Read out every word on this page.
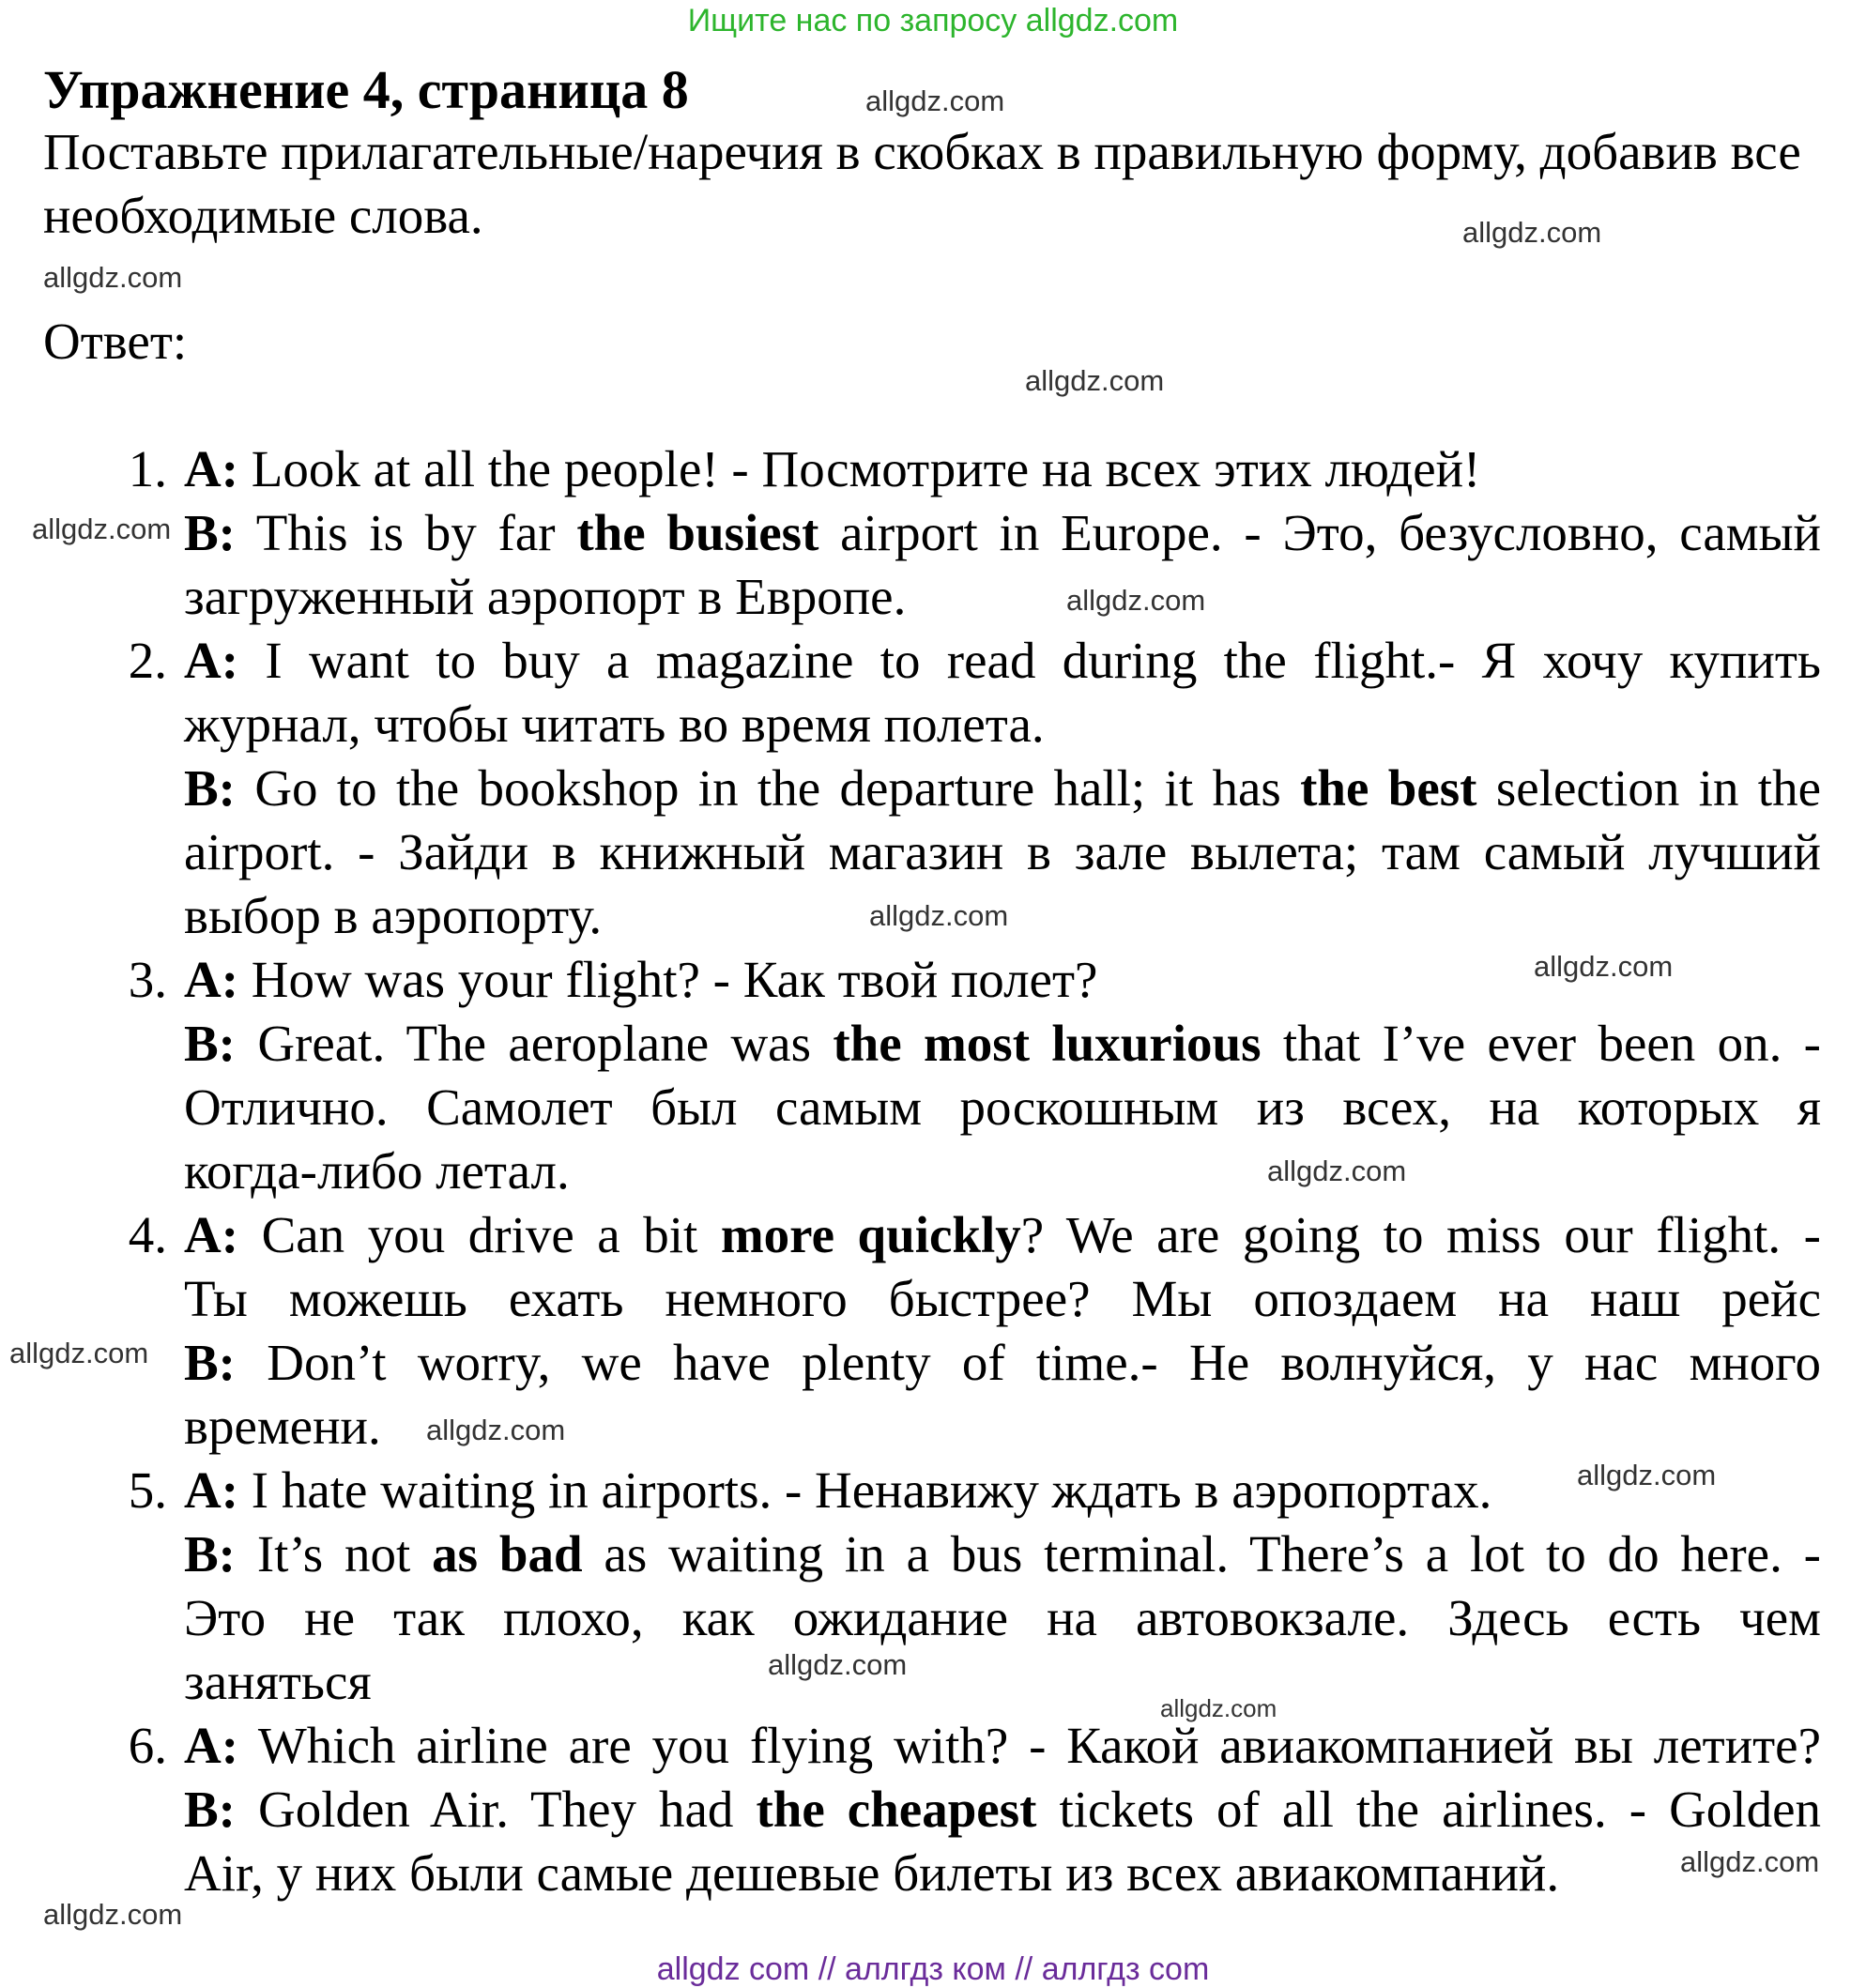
Ищите нас по запросу allgdz.com
Упражнение 4, страница 8
Поставьте прилагательные/наречия в скобках в правильную форму, добавив все необходимые слова.
Ответ:
1. A: Look at all the people! - Посмотрите на всех этих людей!
B: This is by far the busiest airport in Europe. - Это, безусловно, самый
загруженный аэропорт в Европе.
2. A: I want to buy a magazine to read during the flight.- Я хочу купить
журнал, чтобы читать во время полета.
B: Go to the bookshop in the departure hall; it has the best selection in the
airport. - Зайди в книжный магазин в зале вылета; там самый лучший
выбор в аэропорту.
3. A: How was your flight? - Как твой полет?
B: Great. The aeroplane was the most luxurious that I’ve ever been on. -
Отлично. Самолет был самым роскошным из всех, на которых я
когда-либо летал.
4. A: Can you drive a bit more quickly? We are going to miss our flight. -
Ты можешь ехать немного быстрее? Мы опоздаем на наш рейс
B: Don’t worry, we have plenty of time.- Не волнуйся, у нас много
времени.
5. A: I hate waiting in airports. - Ненавижу ждать в аэропортах.
B: It’s not as bad as waiting in a bus terminal. There’s a lot to do here. -
Это не так плохо, как ожидание на автовокзале. Здесь есть чем
заняться
6. A: Which airline are you flying with? - Какой авиакомпанией вы летите?
B: Golden Air. They had the cheapest tickets of all the airlines. - Golden
Air, у них были самые дешевые билеты из всех авиакомпаний.
allgdz.com
allgdz.com
allgdz.com
allgdz.com
allgdz.com
allgdz.com
allgdz.com
allgdz.com
allgdz.com
allgdz.com
allgdz.com
allgdz.com
allgdz.com
allgdz.com
allgdz.com
allgdz.com
allgdz com // аллгдз ком // аллгдз com
